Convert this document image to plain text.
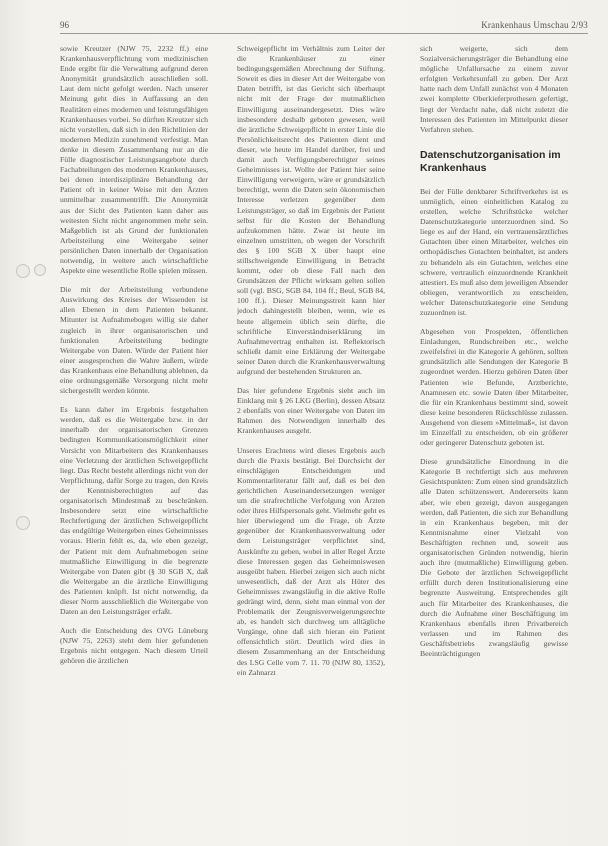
96	Krankenhaus Umschau 2/93

sowie Kreutzer (NJW 75, 2232 ff.) eine Krankenhausverpflichtung vom medizinischen Ende ergibt für die Verwaltung aufgrund deren Anonymität grundsätzlich ausschließen soll. Laut dem nicht gefolgt werden. Nach unserer Meinung geht dies in Auffassung an den Realitäten eines modernen und leistungsfähigen Krankenhauses vorbei. So dürften Kreutzer sich nicht vorstellen, daß sich in den Richtlinien der modernen Medizin zunehmend verfestigt. Man denke in diesem Zusammenhang nur an die Fülle diagnostischer Leistungsangebote durch Fachabteilungen des modernen Krankenhauses, bei denen interdisziplinäre Behandlung der Patient oft in keiner Weise mit den Ärzten unmittelbar zusammentrifft. Die Anonymität aus der Sicht des Patienten kann daher aus weitesten Sicht nicht angenommen mehr sein. Maßgeblich ist als Grund der funktionalen Arbeitsteilung eine Weitergabe seiner persönlichen Daten innerhalb der Organisation notwendig, in weitere auch wirtschaftliche Aspekte eine wesentliche Rolle spielen müssen.

Die mit der Arbeitsteilung verbundene Auswirkung des Kreises der Wissenden ist allen Ebenen in dem Patienten bekannt. Mitunter ist Aufnahmebogen willig sie daher zugleich in ihrer organisatorischen und funktionalen Arbeitsteilung bedingte Weitergabe von Daten. Würde der Patient hier einer ausgesprochen die Wahre äußern, würde das Krankenhaus eine Behandlung ablehnen, da eine ordnungsgemäße Versorgung nicht mehr sichergestellt werden könnte.

Es kann daher im Ergebnis festgehalten werden, daß es die Weitergabe bzw. in der innerhalb der organisatorischen Grenzen bedingten Kommunikationsmöglichkeit einer Vorsicht von Mitarbeitern des Krankenhauses eine Verletzung der ärztlichen Schweigepflicht liegt. Das Recht besteht allerdings nicht von der Verpflichtung, dafür Sorge zu tragen, den Kreis der Kenntnisberechtigten auf das organisatorisch Mindestmaß zu beschränken. Insbesondere setzt eine wirtschaftliche Rechtfertigung der ärztlichen Schweigepflicht das endgültige Weitergeben eines Geheimnisses voraus. Hierin fehlt es, da, wie eben gezeigt, der Patient mit dem Aufnahmebogen seine mutmaßliche Einwilligung in die begrenzte Weitergabe von Daten gibt (§ 30 SGB X, daß die Weitergabe an die ärztliche Einwilligung des Patienten knüpft. Ist nicht notwendig, da dieser Norm ausschließlich die Weitergabe von Daten an den Leistungsträger erfaßt.

Auch die Entscheidung des OVG Lüneburg (NJW 75, 2263) steht dem hier gefundenen Ergebnis nicht entgegen. Nach diesem Urteil gehören die ärztlichen

Schweigepflicht im Verhältnis zum Leiter der die Krankenhäuser zu einer bedingungsgemäßen Abrechnung der Stiftung. Soweit es dies in dieser Art der Weitergabe von Daten betrifft, ist das Gericht sich überhaupt nicht mit der Frage der mutmaßlichen Einwilligung auseinandergesetzt. Dies wäre insbesondere deshalb geboten gewesen, weil die ärztliche Schweigepflicht in erster Linie die Persönlichkeitsrecht des Patienten dient und dieser, wie heute im Handel darüber, frei und damit auch Verfügungsberechtigter seines Geheimnisses ist. Wollte der Patient hier seine Einwilligung verweigern, wäre er grundsätzlich berechtigt, wenn die Daten sein ökonomischen Interesse verletzen gegenüber dem Leistungsträger, so daß im Ergebnis der Patient selbst für die Kosten der Behandlung aufzukommen hätte. Zwar ist heute im einzelnen umstritten, ob wegen der Vorschrift des § 100 SGB X über haupt eine stillschweigende Einwilligung in Betracht kommt, oder ob diese Fall nach den Grundsätzen der Pflicht wirksam gelten sollen soll (vgl. BSG, SGB 84, 104 ff.; Beul, SGB 84, 100 ff.). Dieser Meinungsstreit kann hier jedoch dahingestellt bleiben, wenn, wie es heute allgemein üblich sein dürfte, die schriftliche Einverständniserklärung im Aufnahmevertrag enthalten ist. Reflektorisch schließt damit eine Erklärung der Weitergabe seiner Daten durch die Krankenhausverwaltung aufgrund der bestehenden Strukturen an.

Das hier gefundene Ergebnis sieht auch im Einklang mit § 26 LKG (Berlin), dessen Absatz 2 ebenfalls von einer Weitergabe von Daten im Rahmen des Notwendigen innerhalb des Krankenhauses ausgeht.

Unseres Erachtens wird dieses Ergebnis auch durch die Praxis bestätigt. Bei Durchsicht der einschlägigen Entscheidungen und Kommentarliteratur fällt auf, daß es bei den gerichtlichen Auseinandersetzungen weniger um die strafrechtliche Verfolgung von Ärzten oder ihres Hilfspersonals geht. Vielmehr geht es hier überwiegend um die Frage, ob Ärzte gegenüber der Krankenhausverwaltung oder dem Leistungsträger verpflichtet sind, Auskünfte zu geben, wobei in aller Regel Ärzte diese Interessen gegen das Geheimniswesen ausgeübt haben. Hierbei zeigen sich auch nicht unwesentlich, daß der Arzt als Hüter des Geheimnisses zwangsläufig in die aktive Rolle gedrängt wird, denn, sieht man einmal von der Problematik der Zeugnisverweigerungsrechte ab, es handelt sich durchweg um alltägliche Vorgänge, ohne daß sich hieran ein Patient offensichtlich stört. Deutlich wird dies in diesem Zusammenhang an der Entscheidung des LSG Celle vom 7. 11. 70 (NJW 80, 1352), ein Zahnarzt

sich weigerte, sich dem Sozialversicherungsträger die Behandlung eine mögliche Unfallursache zu einem zuvor erfolgten Verkehrsunfall zu geben. Der Arzt hatte nach dem Unfall zunächst von 4 Monaten zwei komplette Oberkieferprothesen gefertigt, liegt der Verdacht nahe, daß nicht zuletzt die Interessen des Patienten im Mittelpunkt dieser Verfahren stehen.

Datenschutzorganisation im Krankenhaus

Bei der Fülle denkbarer Schriftverkehrs ist es unmöglich, einen einheitlichen Katalog zu erstellen, welche Schriftstücke welcher Datenschutzkategorie unterzuordnen sind. So liege es auf der Hand, ein vertrauensärztliches Gutachten über einen Mitarbeiter, welches ein orthopädisches Gutachten beinhaltet, ist anders zu behandeln als ein Gutachten, welches eine schwere, vertraulich einzuordnende Krankheit attestiert. Es muß also dem jeweiligen Absender obliegen, verantwortlich zu entscheiden, welcher Datenschutzkategorie eine Sendung zuzuordnen ist.

Abgesehen von Prospekten, öffentlichen Einladungen, Rundschreiben etc., welche zweifelsfrei in die Kategorie A gehören, sollten grundsätzlich alle Sendungen der Kategorie B zugeordnet werden. Hierzu gehören Daten über Patienten wie Befunde, Arztberichte, Anamnesen etc. sowie Daten über Mitarbeiter, die für ein Krankenhaus bestimmt sind, soweit diese keine besonderen Rückschlüsse zulassen. Ausgehend von diesem »Mittelmaß«, ist davon im Einzelfall zu entscheiden, ob ein größerer oder geringerer Datenschutz geboten ist.

Diese grundsätzliche Einordnung in die Kategorie B rechtfertigt sich aus mehreren Gesichtspunkten: Zum einen sind grundsätzlich alle Daten schützenswert. Andererseits kann aber, wie eben gezeigt, davon ausgegangen werden, daß Patienten, die sich zur Behandlung in ein Krankenhaus begeben, mit der Kenntnisnahme einer Vielzahl von Beschäftigten rechnen und, soweit aus organisatorischen Gründen notwendig, hierin auch ihre (mutmaßliche) Einwilligung geben. Die Gebote der ärztlichen Schweigepflicht erfüllt durch deren Institutionalisierung eine begrenzte Ausweitung. Entsprechendes gilt auch für Mitarbeiter des Krankenhauses, die durch die Aufnahme einer Beschäftigung im Krankenhaus ebenfalls ihren Privatbereich verlassen und im Rahmen des Geschäftsbetriebs zwangsläufig gewisse Beeinträchtigungen
